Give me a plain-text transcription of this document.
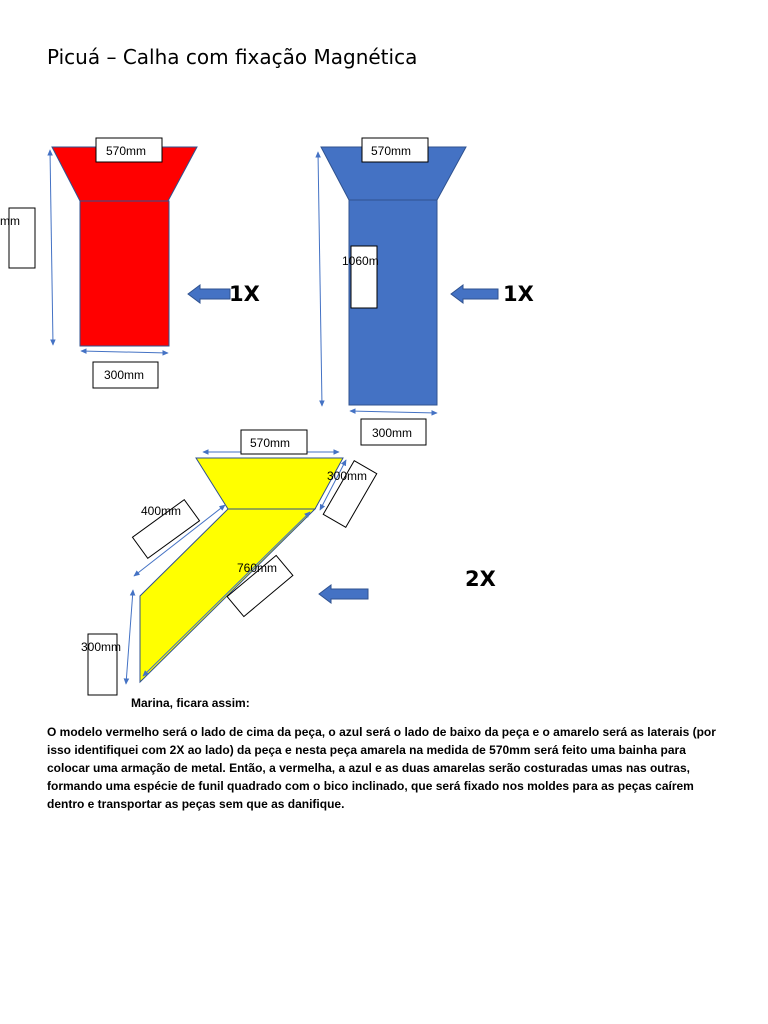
Picuá – Calha com fixação Magnética
570mm
mm
300mm
1X
570mm
1060m
300mm
1X
570mm
300mm
400mm
760mm
300mm
2X

Marina, ficara assim:

O modelo vermelho será o lado de cima da peça, o azul será o lado de baixo da peça e o amarelo será as laterais (por isso identifiquei com 2X ao lado) da peça e nesta peça amarela na medida de 570mm será feito uma bainha para colocar uma armação de metal. Então, a vermelha, a azul e as duas amarelas serão costuradas umas nas outras, formando uma espécie de funil quadrado com o bico inclinado, que será fixado nos moldes para as peças caírem dentro e transportar as peças sem que as danifique.
